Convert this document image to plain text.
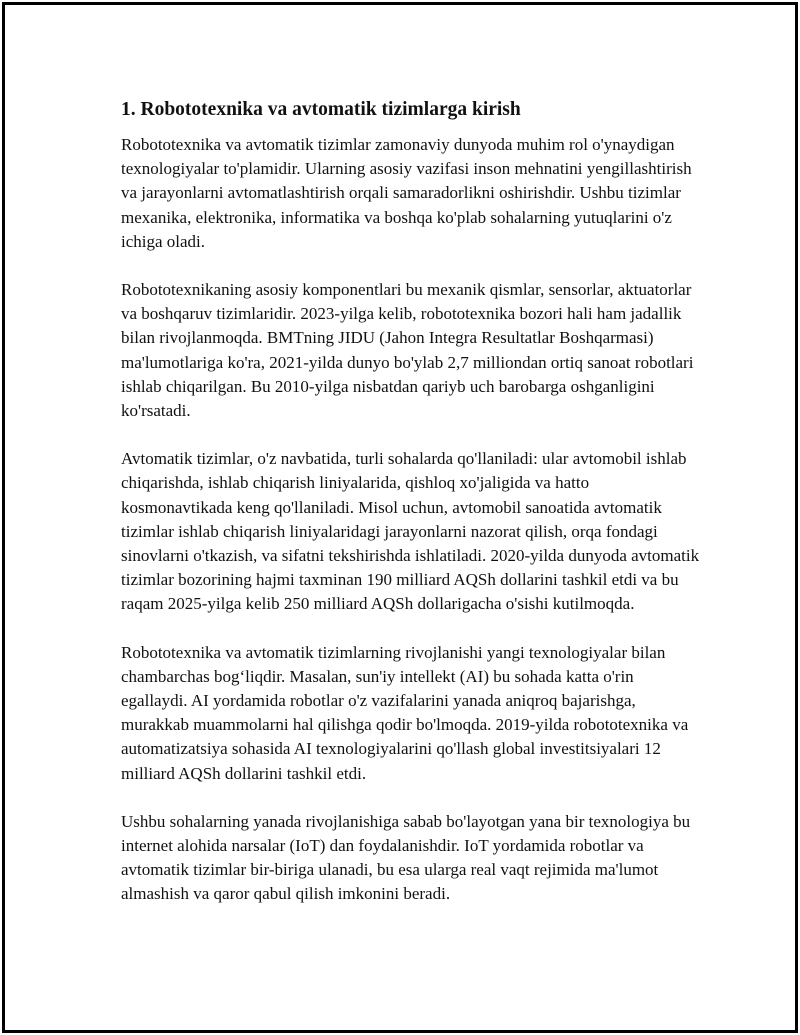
1. Robototexnika va avtomatik tizimlarga kirish

Robototexnika va avtomatik tizimlar zamonaviy dunyoda muhim rol o'ynaydigan texnologiyalar to'plamidir. Ularning asosiy vazifasi inson mehnatini yengillashtirish va jarayonlarni avtomatlashtirish orqali samaradorlikni oshirishdir. Ushbu tizimlar mexanika, elektronika, informatika va boshqa ko'plab sohalarning yutuqlarini o'z ichiga oladi.

Robototexnikaning asosiy komponentlari bu mexanik qismlar, sensorlar, aktuatorlar va boshqaruv tizimlaridir. 2023-yilga kelib, robototexnika bozori hali ham jadallik bilan rivojlanmoqda. BMTning JIDU (Jahon Integra Resultatlar Boshqarmasi) ma'lumotlariga ko'ra, 2021-yilda dunyo bo'ylab 2,7 milliondan ortiq sanoat robotlari ishlab chiqarilgan. Bu 2010-yilga nisbatdan qariyb uch barobarga oshganligini ko'rsatadi.

Avtomatik tizimlar, o'z navbatida, turli sohalarda qo'llaniladi: ular avtomobil ishlab chiqarishda, ishlab chiqarish liniyalarida, qishloq xo'jaligida va hatto kosmonavtikada keng qo'llaniladi. Misol uchun, avtomobil sanoatida avtomatik tizimlar ishlab chiqarish liniyalaridagi jarayonlarni nazorat qilish, orqa fondagi sinovlarni o'tkazish, va sifatni tekshirishda ishlatiladi. 2020-yilda dunyoda avtomatik tizimlar bozorining hajmi taxminan 190 milliard AQSh dollarini tashkil etdi va bu raqam 2025-yilga kelib 250 milliard AQSh dollarigacha o'sishi kutilmoqda.

Robototexnika va avtomatik tizimlarning rivojlanishi yangi texnologiyalar bilan chambarchas bog‘liqdir. Masalan, sun'iy intellekt (AI) bu sohada katta o'rin egallaydi. AI yordamida robotlar o'z vazifalarini yanada aniqroq bajarishga, murakkab muammolarni hal qilishga qodir bo'lmoqda. 2019-yilda robototexnika va automatizatsiya sohasida AI texnologiyalarini qo'llash global investitsiyalari 12 milliard AQSh dollarini tashkil etdi.

Ushbu sohalarning yanada rivojlanishiga sabab bo'layotgan yana bir texnologiya bu internet alohida narsalar (IoT) dan foydalanishdir. IoT yordamida robotlar va avtomatik tizimlar bir-biriga ulanadi, bu esa ularga real vaqt rejimida ma'lumot almashish va qaror qabul qilish imkonini beradi.
